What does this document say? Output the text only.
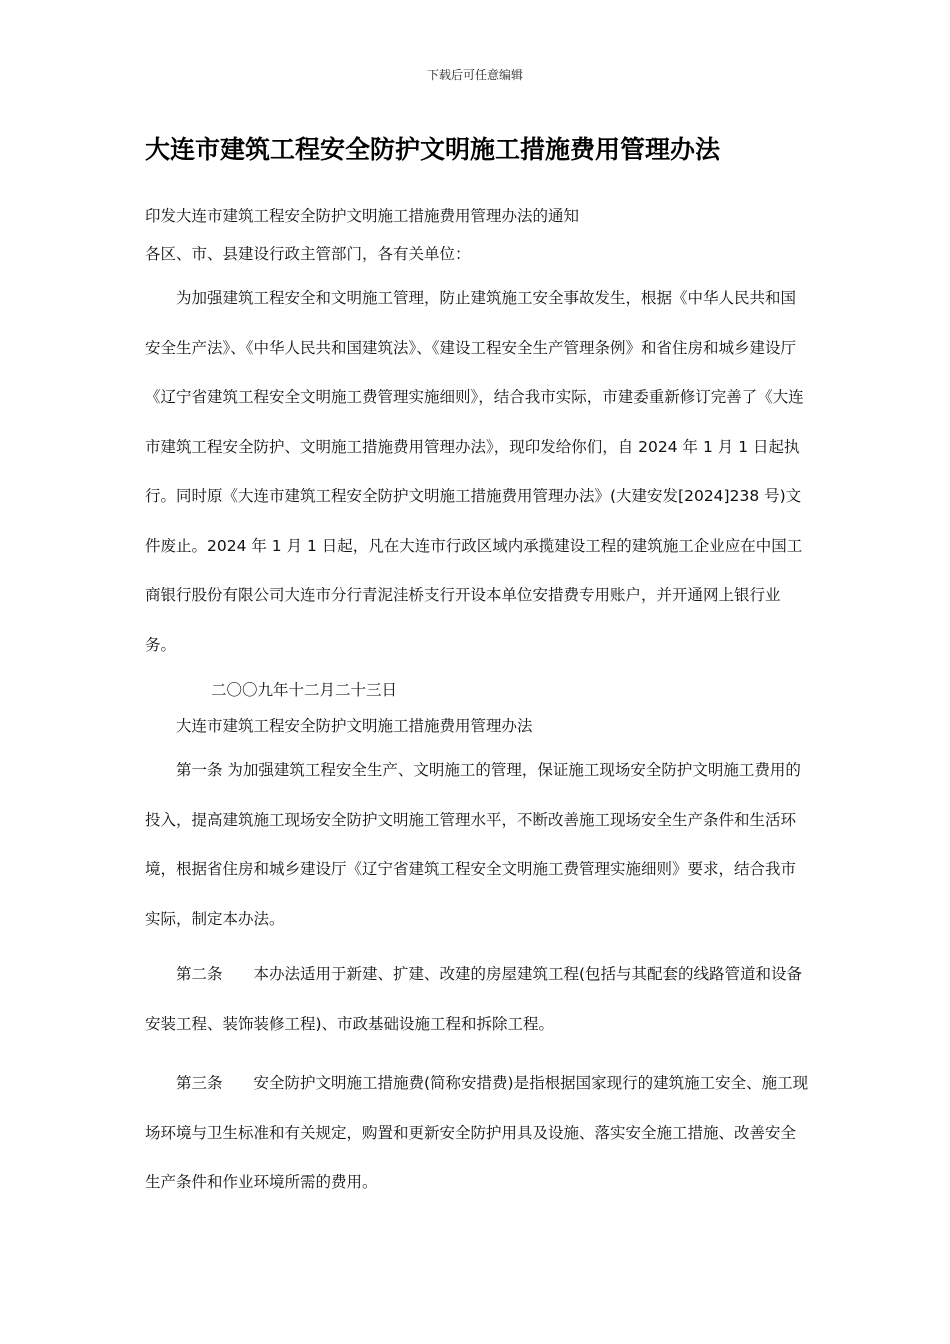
下载后可任意编辑
大连市建筑工程安全防护文明施工措施费用管理办法

印发大连市建筑工程安全防护文明施工措施费用管理办法的通知

各区、市、县建设行政主管部门，各有关单位：

为加强建筑工程安全和文明施工管理，防止建筑施工安全事故发生，根据《中华人民共和国安全生产法》、《中华人民共和国建筑法》、《建设工程安全生产管理条例》和省住房和城乡建设厅《辽宁省建筑工程安全文明施工费管理实施细则》，结合我市实际，市建委重新修订完善了《大连市建筑工程安全防护、文明施工措施费用管理办法》，现印发给你们，自 2024 年 1 月 1 日起执行。同时原《大连市建筑工程安全防护文明施工措施费用管理办法》(大建安发[2024]238 号)文件废止。2024 年 1 月 1 日起，凡在大连市行政区域内承揽建设工程的建筑施工企业应在中国工商银行股份有限公司大连市分行青泥洼桥支行开设本单位安措费专用账户，并开通网上银行业务。

二〇〇九年十二月二十三日

大连市建筑工程安全防护文明施工措施费用管理办法

第一条 为加强建筑工程安全生产、文明施工的管理，保证施工现场安全防护文明施工费用的投入，提高建筑施工现场安全防护文明施工管理水平，不断改善施工现场安全生产条件和生活环境，根据省住房和城乡建设厅《辽宁省建筑工程安全文明施工费管理实施细则》要求，结合我市实际，制定本办法。

第二条　　本办法适用于新建、扩建、改建的房屋建筑工程(包括与其配套的线路管道和设备安装工程、装饰装修工程)、市政基础设施工程和拆除工程。

第三条　　安全防护文明施工措施费(简称安措费)是指根据国家现行的建筑施工安全、施工现场环境与卫生标准和有关规定，购置和更新安全防护用具及设施、落实安全施工措施、改善安全生产条件和作业环境所需的费用。
